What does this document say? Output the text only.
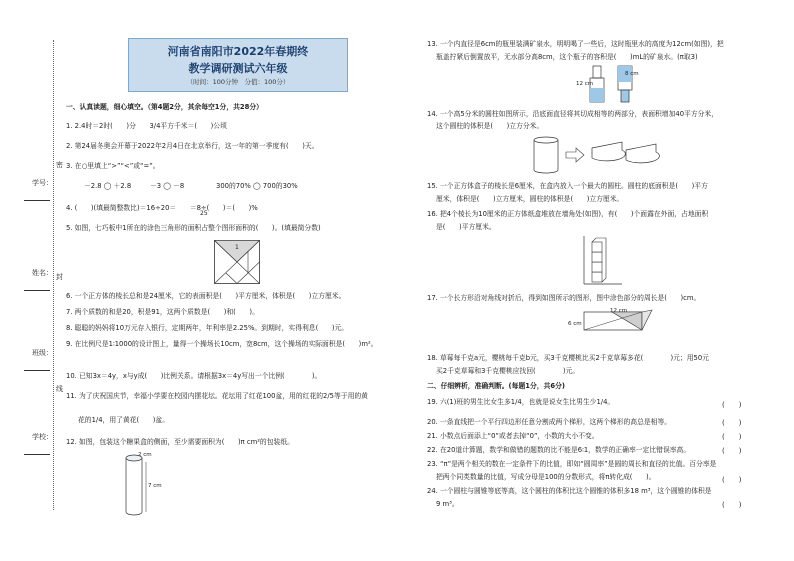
学号：
姓名：
班级：
学校：
密
封
线
河南省南阳市2022年春期终
教学调研测试六年级
（时间：100分钟　分值：100分）
一、认真读题，细心填空。（第4题2分，其余每空1分，共28分）
1. 2.4时＝2时(　　)分　　3/4平方千米＝(　　)公顷
2. 第24届冬奥会开幕于2022年2月4日在北京举行，这一年的第一季度有(　　)天。
3. 在○里填上“>”“<”或“=”。
－2.8 ◯ ＋2.8	－3 ◯ －8	300的70% ◯ 700的30%
4. (　　)(填最简整数比)＝16÷20＝　　＝8÷(　　)＝(　　)%
25
5. 如图，七巧板中1所在的涂色三角形的面积占整个图形面积的(　　)。(填最简分数)
1
6. 一个正方体的棱长总和是24厘米，它的表面积是(　　)平方厘米，体积是(　　)立方厘米。
7. 两个质数的和是20，积是91，这两个质数是(　　)和(　　)。
8. 聪聪的妈妈将10万元存入银行，定期两年，年利率是2.25%。到期时，实得利息(　　)元。
9. 在比例尺是1∶1000的设计图上，量得一个操场长10cm，宽8cm，这个操场的实际面积是(　　)m²。
10. 已知3x＝4y，x与y成(　　)比例关系。请根据3x＝4y写出一个比例(　　　　)。
11. 为了庆祝国庆节，幸福小学要在校园内摆花坛。花坛用了红花100盆，用的红花的2/5等于用的黄
花的1/4，用了黄花(　　)盆。
12. 如图，包装这个糖果盒的侧面，至少需要面积为(　　)π cm²的包装纸。
2 cm
7 cm
13. 一个内直径是6cm的瓶里装满矿泉水，明明喝了一些后，这时瓶里水的高度为12cm(如图)，把
瓶盖拧紧后倒置放平，无水部分高8cm，这个瓶子的容积是(　　)mL的矿泉水。(π取3)
12 cm
8 cm
14. 一个高5分米的圆柱如图所示，沿底面直径将其切成相等的两部分，表面积增加40平方分米，
这个圆柱的体积是(　　)立方分米。
15. 一个正方体盒子的棱长是6厘米，在盒内放入一个最大的圆柱。圆柱的底面积是(　　)平方
厘米，体积是(　　)立方厘米，圆柱的体积是(　　)立方厘米。
16. 把4个棱长为10厘米的正方体纸盒堆放在墙角处(如图)，有(　　)个面露在外面，占地面积
是(　　)平方厘米。
17. 一个长方形沿对角线对折后，得到如图所示的图形，图中涂色部分的周长是(　　)cm。
12 cm
6 cm
18. 草莓每千克a元，樱桃每千克b元，买3千克樱桃比买2千克草莓多花(　　　　)元；用50元
买2千克草莓和3千克樱桃应找回(　　　　)元。
二、仔细辨析，准确判断。(每题1分，共6分)
19. 六(1)班的男生比女生多1/4，也就是说女生比男生少1/4。	(　　)
20. 一条直线把一个平行四边形任意分割成两个梯形，这两个梯形的高总是相等。	(　　)
21. 小数点后面添上“0”或者去掉“0”，小数的大小不变。	(　　)
22. 在20道计算题，数学和做错的题数的比不能是6∶1，数学的正确率一定比错误率高。	(　　)
23. “π”是两个相关的数在一定条件下的比值，即如“圆周率”是圆的周长和直径的比值。百分率是
把两个同类数量的比值，写成分母是100的分数形式，将π转化成(　　)。	(　　)
24. 一个圆柱与圆锥等底等高，这个圆柱的体积比这个圆锥的体积多18 m³，这个圆锥的体积是
9 m³。	(　　)
